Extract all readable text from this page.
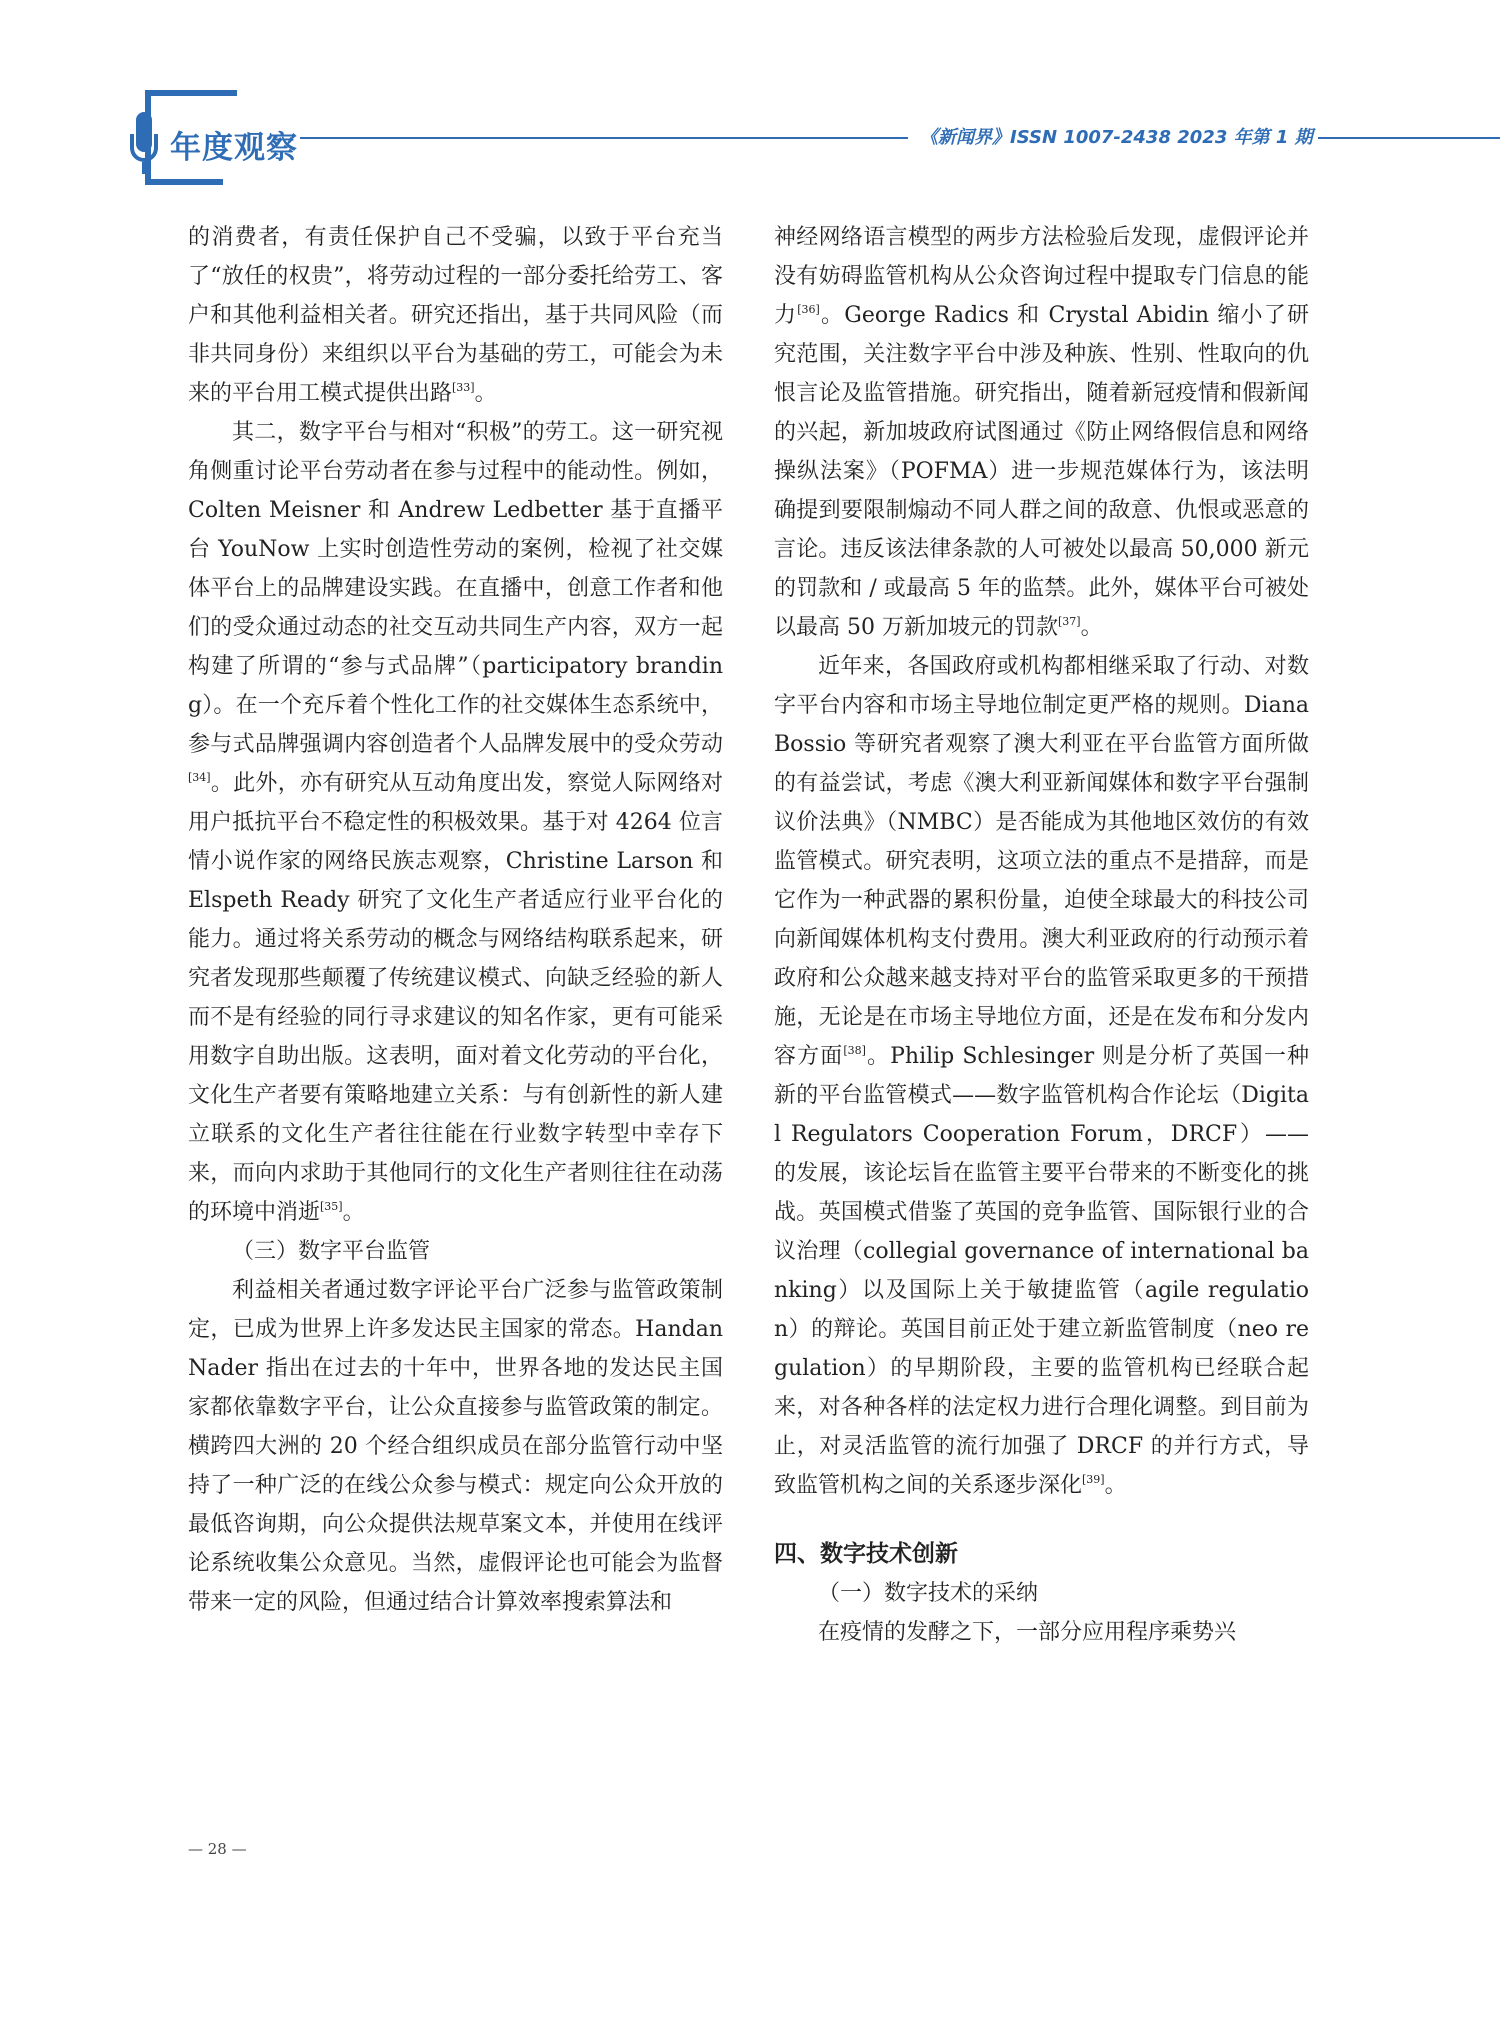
年度观察	《新闻界》ISSN 1007-2438 2023 年第 1 期

的消费者，有责任保护自己不受骗，以致于平台充当了“放任的权贵”，将劳动过程的一部分委托给劳工、客户和其他利益相关者。研究还指出，基于共同风险（而非共同身份）来组织以平台为基础的劳工，可能会为未来的平台用工模式提供出路[33]。

其二，数字平台与相对“积极”的劳工。这一研究视角侧重讨论平台劳动者在参与过程中的能动性。例如，Colten Meisner 和 Andrew Ledbetter 基于直播平台 YouNow 上实时创造性劳动的案例，检视了社交媒体平台上的品牌建设实践。在直播中，创意工作者和他们的受众通过动态的社交互动共同生产内容，双方一起构建了所谓的“参与式品牌”（participatory branding）。在一个充斥着个性化工作的社交媒体生态系统中，参与式品牌强调内容创造者个人品牌发展中的受众劳动[34]。此外，亦有研究从互动角度出发，察觉人际网络对用户抵抗平台不稳定性的积极效果。基于对 4264 位言情小说作家的网络民族志观察，Christine Larson 和 Elspeth Ready 研究了文化生产者适应行业平台化的能力。通过将关系劳动的概念与网络结构联系起来，研究者发现那些颠覆了传统建议模式、向缺乏经验的新人而不是有经验的同行寻求建议的知名作家，更有可能采用数字自助出版。这表明，面对着文化劳动的平台化，文化生产者要有策略地建立关系：与有创新性的新人建立联系的文化生产者往往能在行业数字转型中幸存下来，而向内求助于其他同行的文化生产者则往往在动荡的环境中消逝[35]。

（三）数字平台监管

利益相关者通过数字评论平台广泛参与监管政策制定，已成为世界上许多发达民主国家的常态。Handan Nader 指出在过去的十年中，世界各地的发达民主国家都依靠数字平台，让公众直接参与监管政策的制定。横跨四大洲的 20 个经合组织成员在部分监管行动中坚持了一种广泛的在线公众参与模式：规定向公众开放的最低咨询期，向公众提供法规草案文本，并使用在线评论系统收集公众意见。当然，虚假评论也可能会为监督带来一定的风险，但通过结合计算效率搜索算法和

神经网络语言模型的两步方法检验后发现，虚假评论并没有妨碍监管机构从公众咨询过程中提取专门信息的能力[36]。George Radics 和 Crystal Abidin 缩小了研究范围，关注数字平台中涉及种族、性别、性取向的仇恨言论及监管措施。研究指出，随着新冠疫情和假新闻的兴起，新加坡政府试图通过《防止网络假信息和网络操纵法案》（POFMA）进一步规范媒体行为，该法明确提到要限制煽动不同人群之间的敌意、仇恨或恶意的言论。违反该法律条款的人可被处以最高 50,000 新元的罚款和 / 或最高 5 年的监禁。此外，媒体平台可被处以最高 50 万新加坡元的罚款[37]。

近年来，各国政府或机构都相继采取了行动、对数字平台内容和市场主导地位制定更严格的规则。Diana Bossio 等研究者观察了澳大利亚在平台监管方面所做的有益尝试，考虑《澳大利亚新闻媒体和数字平台强制议价法典》（NMBC）是否能成为其他地区效仿的有效监管模式。研究表明，这项立法的重点不是措辞，而是它作为一种武器的累积份量，迫使全球最大的科技公司向新闻媒体机构支付费用。澳大利亚政府的行动预示着政府和公众越来越支持对平台的监管采取更多的干预措施，无论是在市场主导地位方面，还是在发布和分发内容方面[38]。Philip Schlesinger 则是分析了英国一种新的平台监管模式——数字监管机构合作论坛（Digital Regulators Cooperation Forum，DRCF）——的发展，该论坛旨在监管主要平台带来的不断变化的挑战。英国模式借鉴了英国的竞争监管、国际银行业的合议治理（collegial governance of international banking）以及国际上关于敏捷监管（agile regulation）的辩论。英国目前正处于建立新监管制度（neo regulation）的早期阶段，主要的监管机构已经联合起来，对各种各样的法定权力进行合理化调整。到目前为止，对灵活监管的流行加强了 DRCF 的并行方式，导致监管机构之间的关系逐步深化[39]。

四、数字技术创新

（一）数字技术的采纳

在疫情的发酵之下，一部分应用程序乘势兴

— 28 —
